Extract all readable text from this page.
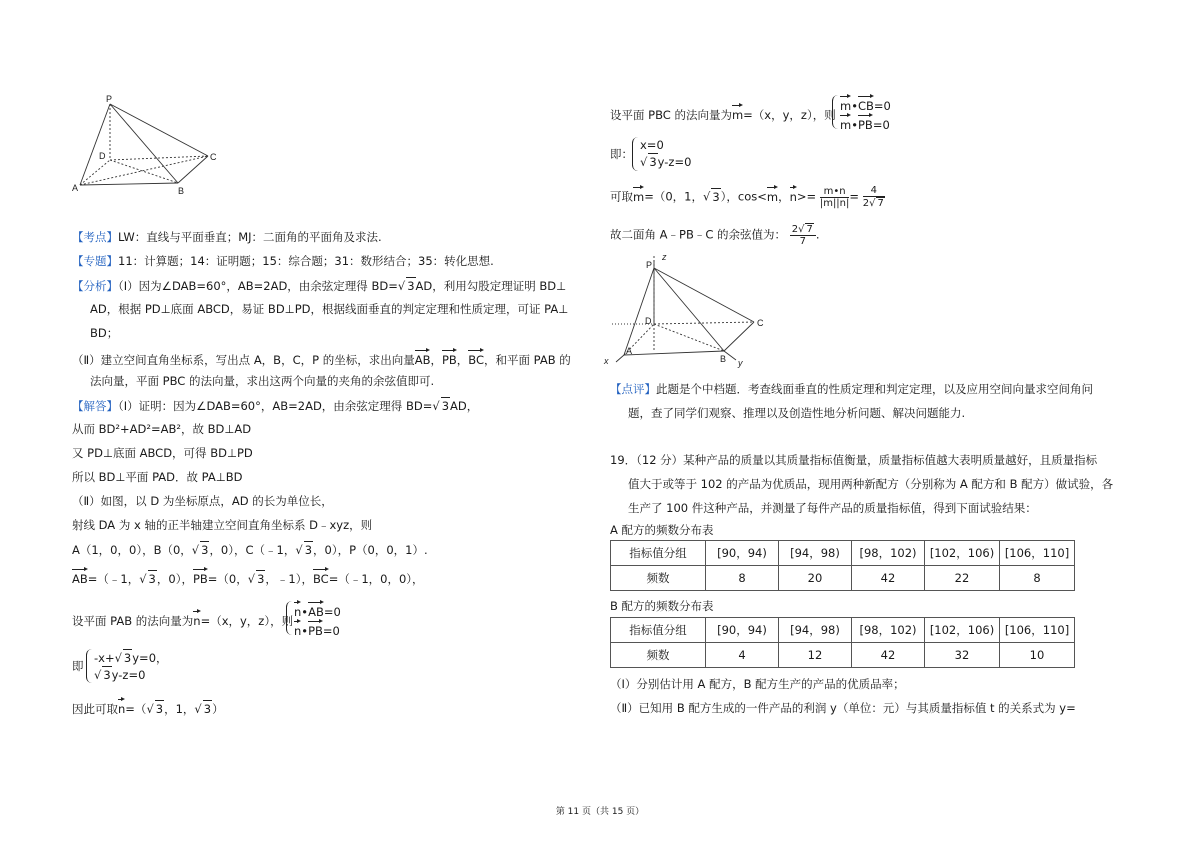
P
D	C
A	B
【考点】LW：直线与平面垂直；MJ：二面角的平面角及求法.
【专题】11：计算题；14：证明题；15：综合题；31：数形结合；35：转化思想.
【分析】（Ⅰ）因为∠DAB=60°，AB=2AD，由余弦定理得 BD=√ 3AD，利用勾股定理证明 BD⊥
AD，根据 PD⊥底面 ABCD，易证 BD⊥PD，根据线面垂直的判定定理和性质定理，可证 PA⊥
BD；
（Ⅱ）建立空间直角坐标系，写出点 A，B，C，P 的坐标，求出向量AB，PB，BC，和平面 PAB 的
法向量，平面 PBC 的法向量，求出这两个向量的夹角的余弦值即可.
【解答】（Ⅰ）证明：因为∠DAB=60°，AB=2AD，由余弦定理得 BD=√ 3AD，
从而 BD²+AD²=AB²，故 BD⊥AD
又 PD⊥底面 ABCD，可得 BD⊥PD
所以 BD⊥平面 PAD．故 PA⊥BD
（Ⅱ）如图，以 D 为坐标原点，AD 的长为单位长，
射线 DA 为 x 轴的正半轴建立空间直角坐标系 D﹣xyz，则
A（1，0，0），B（0，√ 3，0），C（﹣1，√ 3，0），P（0，0，1）.
AB=（﹣1，√ 3，0），PB=（0，√ 3，﹣1），BC=（﹣1，0，0），
设平面 PAB 的法向量为n=（x，y，z），则
n•AB=0
n•PB=0
即
-x+√ 3y=0，
√ 3y-z=0
因此可取n=（√ 3，1，√ 3）
设平面 PBC 的法向量为m=（x，y，z），则
m•CB=0
m•PB=0
即：
x=0
√ 3y-z=0
可取m=（0，1，√ 3），cos<m，$n>= \frac{m•n}{|m||n|} = \frac{4}{2√ 7}$
故二面角 A﹣PB﹣C 的余弦值为： $\frac{2√ 7}{7}$ .
z
P
D	C
x
A
B y
【点评】此题是个中档题．考查线面垂直的性质定理和判定定理，以及应用空间向量求空间角问
题，查了同学们观察、推理以及创造性地分析问题、解决问题能力.
19．（12 分）某种产品的质量以其质量指标值衡量，质量指标值越大表明质量越好，且质量指标
值大于或等于 102 的产品为优质品，现用两种新配方（分别称为 A 配方和 B 配方）做试验，各
生产了 100 件这种产品，并测量了每件产品的质量指标值，得到下面试验结果：
A 配方的频数分布表
指标值分组	[90，94)	[94，98)	[98，102)	[102，106)	[106，110]
频数	8	20	42	22	8
B 配方的频数分布表
指标值分组	[90，94)	[94，98)	[98，102)	[102，106)	[106，110]
频数	4	12	42	32	10
（Ⅰ）分别估计用 A 配方，B 配方生产的产品的优质品率；
（Ⅱ）已知用 B 配方生成的一件产品的利润 y（单位：元）与其质量指标值 t 的关系式为 y=
第 11 页（共 15 页）
